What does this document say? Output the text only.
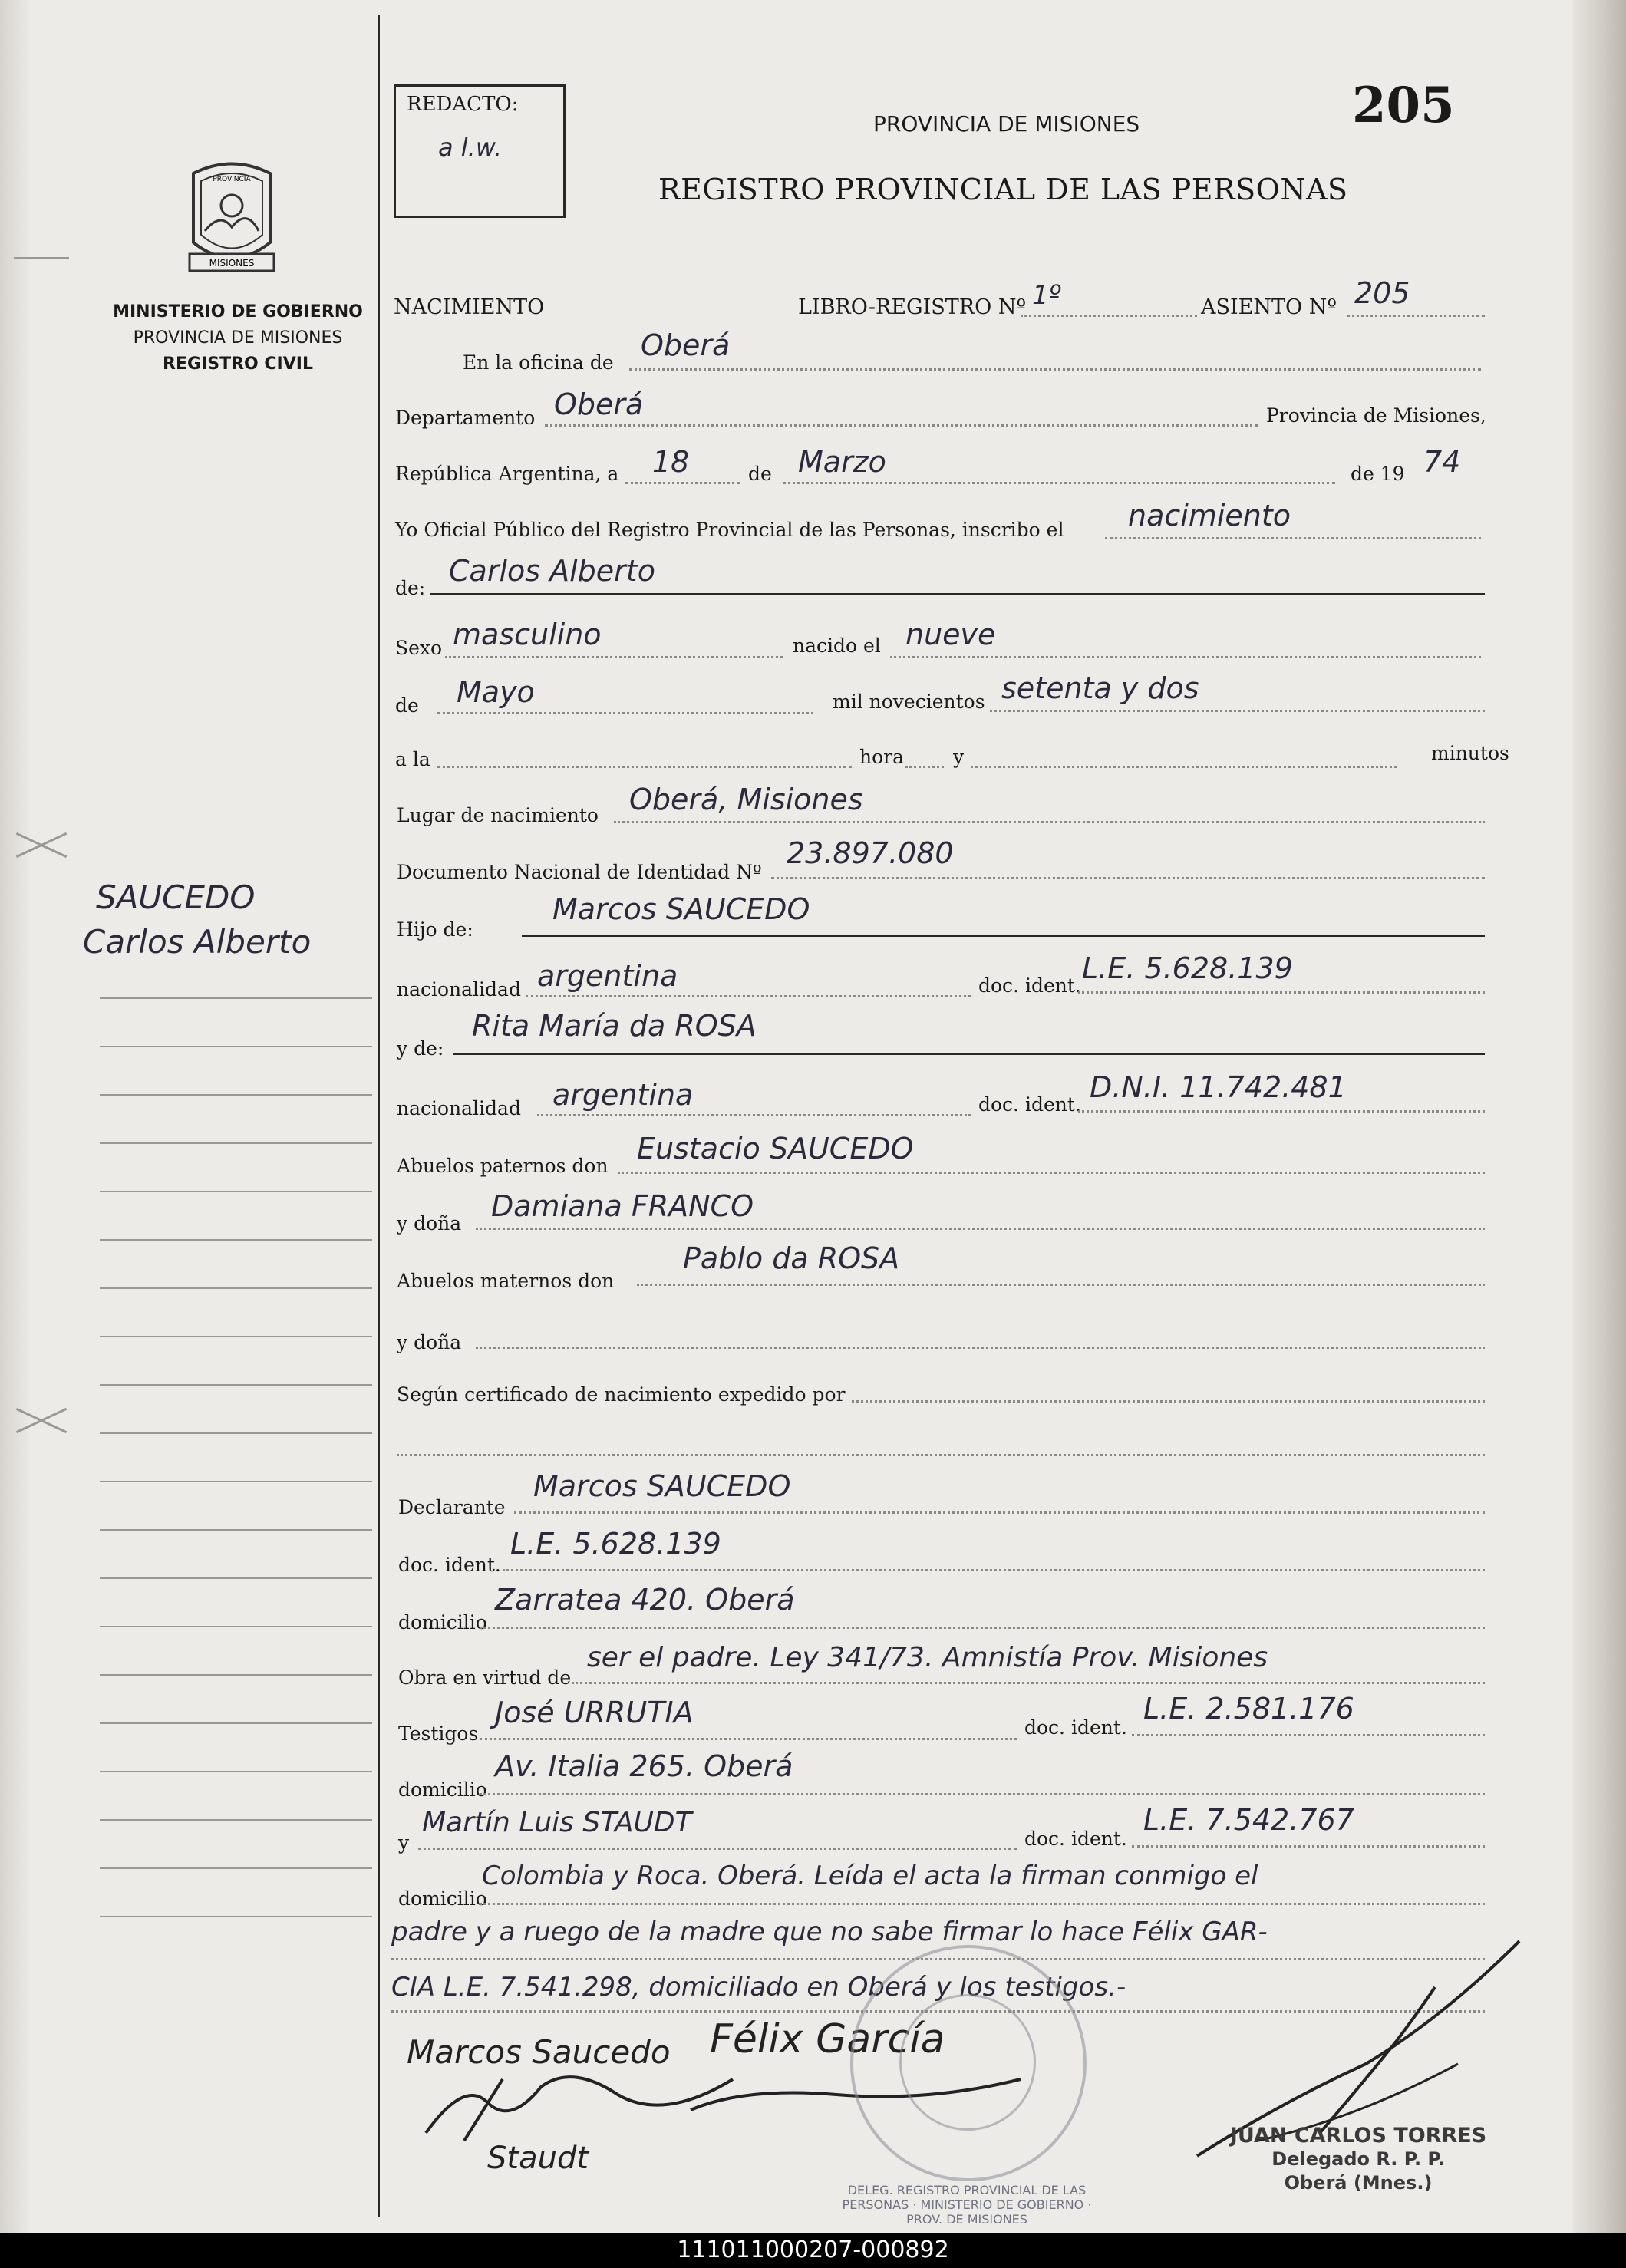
MISIONES
PROVINCIA
MINISTERIO DE GOBIERNO
PROVINCIA DE MISIONES
REGISTRO CIVIL
SAUCEDO
Carlos Alberto
REDACTO:
a l.w.
PROVINCIA DE MISIONES
REGISTRO PROVINCIAL DE LAS PERSONAS
205
NACIMIENTO	LIBRO-REGISTRO Nº 1º	ASIENTO Nº 205
En la oficina de
Oberá
Departamento Oberá	Provincia de Misiones,
República Argentina, a 18	de Marzo	de 19 74
Yo Oficial Público del Registro Provincial de las Personas, inscribo el nacimiento
de:
Carlos Alberto
Sexo masculino	nacido el nueve
de Mayo	mil novecientos setenta y dos
a la	hora	y	minutos
Lugar de nacimiento Oberá, Misiones
Documento Nacional de Identidad Nº
23.897.080
Hijo de:
Marcos SAUCEDO
nacionalidad argentina	doc. ident.
L.E. 5.628.139
y de:
Rita María da ROSA
nacionalidad argentina	doc. ident.
D.N.I. 11.742.481
Abuelos paternos don
Eustacio SAUCEDO
y doña
Damiana FRANCO
Abuelos maternos don
Pablo da ROSA
y doña
Según certificado de nacimiento expedido por
Declarante
Marcos SAUCEDO
doc. ident.
L.E. 5.628.139
domicilio
Zarratea 420. Oberá
Obra en virtud de
ser el padre. Ley 341/73. Amnistía Prov. Misiones
Testigos
José URRUTIA	doc. ident.
L.E. 2.581.176
domicilio
Av. Italia 265. Oberá
y
Martín Luis STAUDT
doc. ident.
L.E. 7.542.767
domicilio
Colombia y Roca. Oberá. Leída el acta la firman conmigo el
padre y a ruego de la madre que no sabe firmar lo hace Félix GAR-
CIA L.E. 7.541.298, domiciliado en Oberá y los testigos.-
Marcos Saucedo Félix García
Staudt
DELEG. REGISTRO PROVINCIAL DE LAS PERSONAS · MINISTERIO DE GOBIERNO · PROV. DE MISIONES
JUAN CARLOS TORRES
Delegado R. P. P.
Oberá (Mnes.)
11101100020​7-000892
